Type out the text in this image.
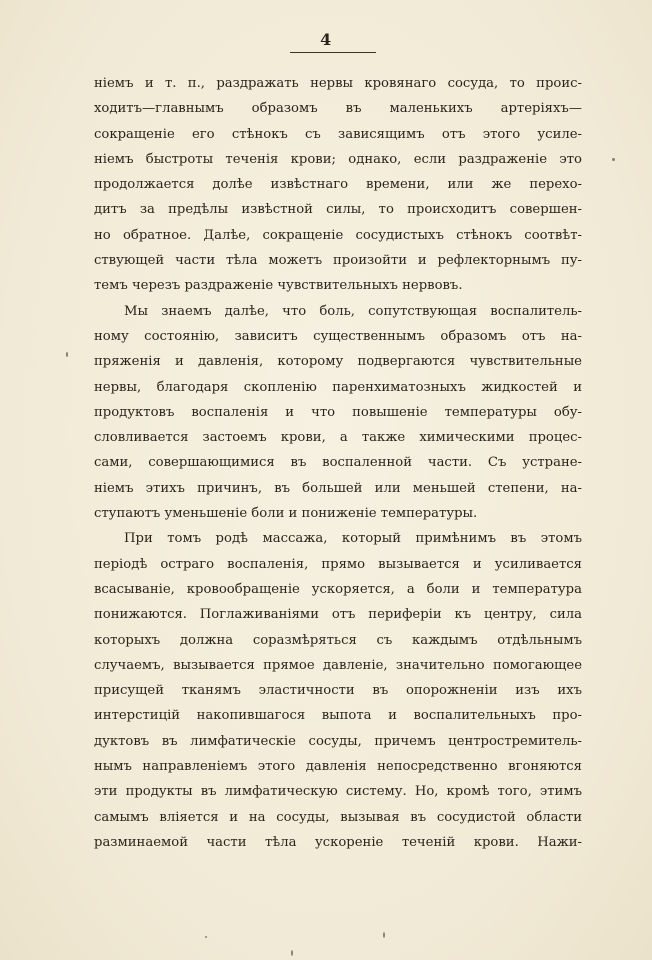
4
ніемъ и т. п., раздражать нервы кровянаго сосуда, то проис-
ходитъ—главнымъ образомъ въ маленькихъ артеріяхъ—
сокращеніе его стѣнокъ съ зависящимъ отъ этого усиле-
ніемъ быстроты теченія крови; однако, если раздраженіе это
продолжается долѣе извѣстнаго времени, или же перехо-
дитъ за предѣлы извѣстной силы, то происходитъ совершен-
но обратное. Далѣе, сокращеніе сосудистыхъ стѣнокъ соотвѣт-
ствующей части тѣла можетъ произойти и рефлекторнымъ пу-
темъ черезъ раздраженіе чувствительныхъ нервовъ.
Мы знаемъ далѣе, что боль, сопутствующая воспалитель-
ному состоянію, зависитъ существеннымъ образомъ отъ на-
пряженія и давленія, которому подвергаются чувствительные
нервы, благодаря скопленію паренхиматозныхъ жидкостей и
продуктовъ воспаленія и что повышеніе температуры обу-
словливается застоемъ крови, а также химическими процес-
сами, совершающимися въ воспаленной части. Съ устране-
ніемъ этихъ причинъ, въ большей или меньшей степени, на-
ступаютъ уменьшеніе боли и пониженіе температуры.
При томъ родѣ массажа, который примѣнимъ въ этомъ
періодѣ остраго воспаленія, прямо вызывается и усиливается
всасываніе, кровообращеніе ускоряется, а боли и температура
понижаются. Поглаживаніями отъ периферіи къ центру, сила
которыхъ должна соразмѣряться съ каждымъ отдѣльнымъ
случаемъ, вызывается прямое давленіе, значительно помогающее
присущей тканямъ эластичности въ опорожненіи изъ ихъ
интерстицій накопившагося выпота и воспалительныхъ про-
дуктовъ въ лимфатическіе сосуды, причемъ центростремитель-
нымъ направленіемъ этого давленія непосредственно вгоняются
эти продукты въ лимфатическую систему. Но, кромѣ того, этимъ
самымъ вліяется и на сосуды, вызывая въ сосудистой области
разминаемой части тѣла ускореніе теченій крови. Нажи-
